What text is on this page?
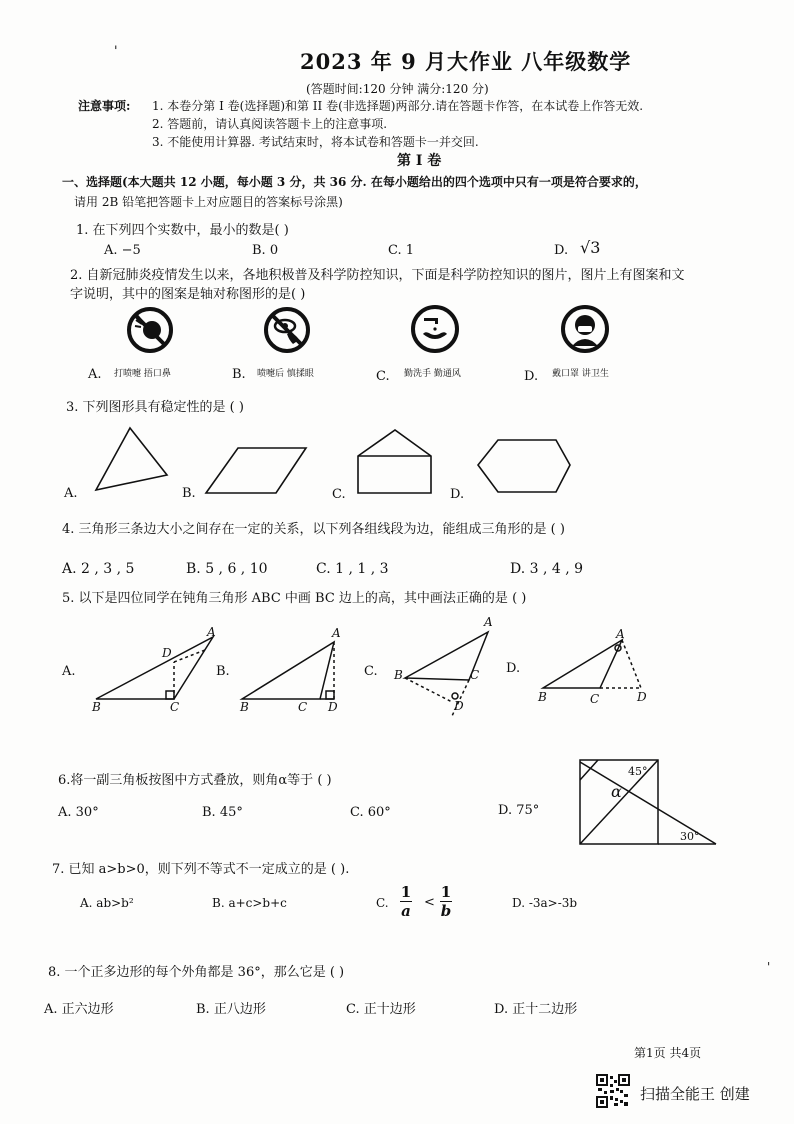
'	2023 年 9 月大作业 八年级数学
(答题时间:120 分钟 满分:120 分)
注意事项: 1. 本卷分第 I 卷(选择题)和第 II 卷(非选择题)两部分.请在答题卡作答，在本试卷上作答无效.
2. 答题前，请认真阅读答题卡上的注意事项.
3. 不能使用计算器. 考试结束时，将本试卷和答题卡一并交回.
第 I 卷
一、选择题(本大题共 12 小题，每小题 3 分，共 36 分. 在每小题给出的四个选项中只有一项是符合要求的，
请用 2B 铅笔把答题卡上对应题目的答案标号涂黑)
1. 在下列四个实数中，最小的数是( )
A. −5	B. 0	C. 1	D. √3
2. 自新冠肺炎疫情发生以来，各地积极普及科学防控知识，下面是科学防控知识的图片，图片上有图案和文
字说明，其中的图案是轴对称图形的是( )
A. 打喷嚏 捂口鼻	B. 喷嚏后 慎揉眼	C. 勤洗手 勤通风	D. 戴口罩 讲卫生
3. 下列图形具有稳定性的是 ( )
A.	B.	C.	D.
4. 三角形三条边大小之间存在一定的关系，以下列各组线段为边，能组成三角形的是 ( )
A. 2 , 3 , 5	B. 5 , 6 , 10	C. 1 , 1 , 3	D. 3 , 4 , 9
5. 以下是四位同学在钝角三角形 ABC 中画 BC 边上的高，其中画法正确的是 ( )
A.	B.	C.	D.
A
D
B	C
A
B	C D
A
B	C
D
A
B	C	D
6.将一副三角板按图中方式叠放，则角α等于 ( )
A. 30°	B. 45°	C. 60°	D. 75°
45°
α
30°
7. 已知 a>b>0，则下列不等式不一定成立的是 ( ).
A. ab>b²	B. a+c>b+c	C.
1
a <
1
b	D. -3a>-3b
8. 一个正多边形的每个外角都是 36°，那么它是 ( )
A. 正六边形	B. 正八边形	C. 正十边形	D. 正十二边形
'
第1页 共4页
扫描全能王 创建
